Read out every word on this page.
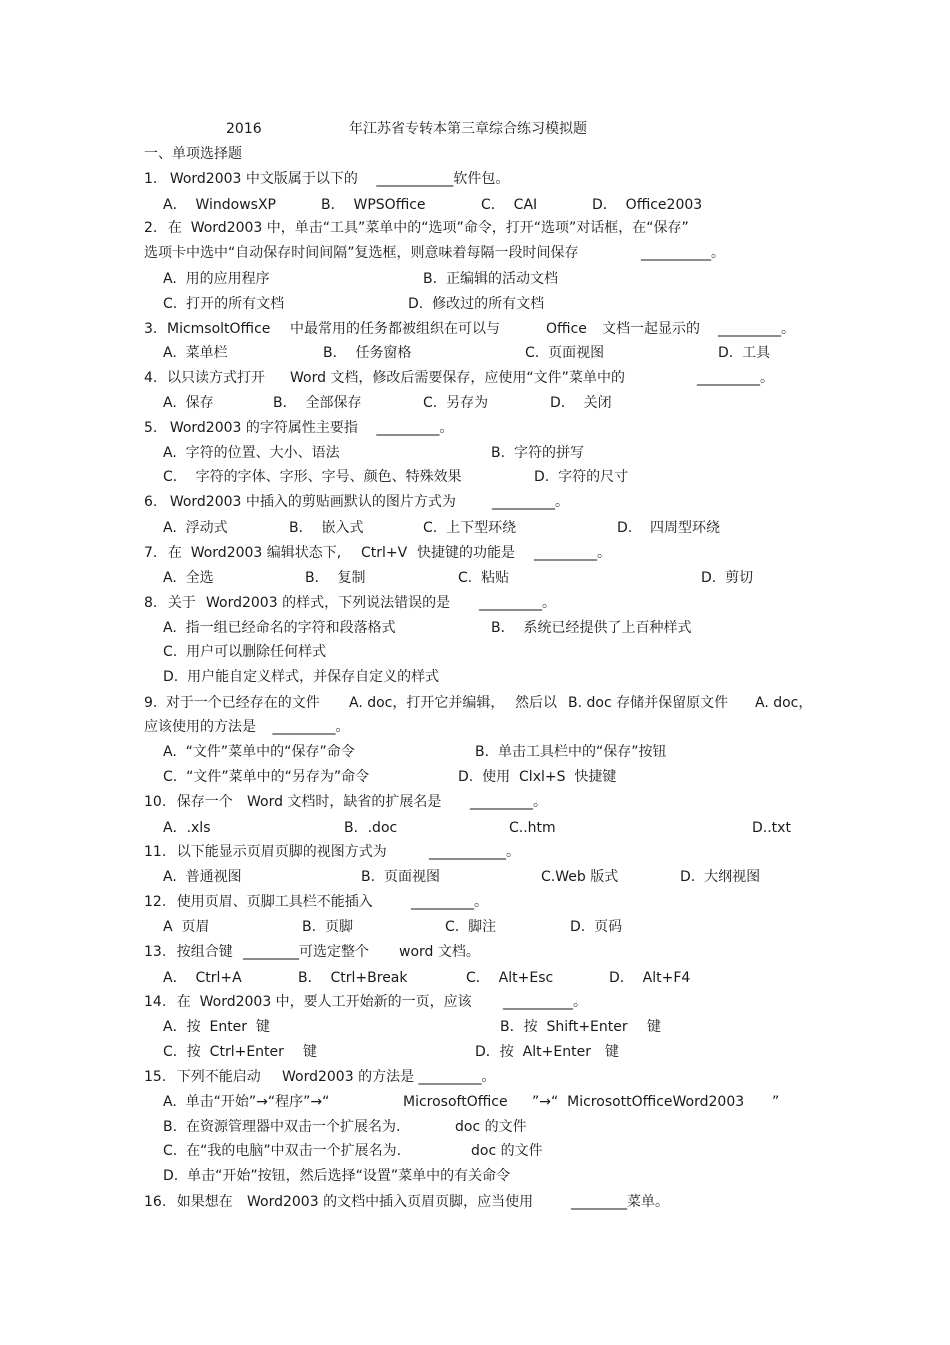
2016	年江苏省专转本第三章综合练习模拟题
一、单项选择题
1. Word2003 中文版属于以下的 ___________软件包。
A．  WindowsXP	B．  WPSOffice	C．  CAI	D．  Office2003
2. 在  Word2003 中，单击“工具”菜单中的“选项”命令，打开“选项”对话框，在“保存”
选项卡中选中“自动保存时间间隔”复选框，则意味着每隔一段时间保存	__________。
A.  用的应用程序	B.  正编辑的活动文档
C.  打开的所有文档	D.  修改过的所有文档
3. MicmsoltOffice 中最常用的任务都被组织在可以与	Office 文档一起显示的 _________。
A.  菜单栏	B．  任务窗格	C.  页面视图	D.  工具
4. 以只读方式打开 Word 文档，修改后需要保存，应使用“文件”菜单中的	_________。
A.  保存	B．  全部保存	C.  另存为	D．  关闭
5. Word2003 的字符属性主要指 _________。
A.  字符的位置、大小、语法	B.  字符的拼写
C．  字符的字体、字形、字号、颜色、特殊效果	D.  字符的尺寸
6. Word2003 中插入的剪贴画默认的图片方式为	_________。
A.  浮动式	B．  嵌入式	C.  上下型环绕	D.    四周型环绕
7. 在  Word2003 编辑状态下, Ctrl+V 快捷键的功能是 _________。
A.  全选	B．  复制	C.  粘贴	D.  剪切
8. 关于 Word2003 的样式，下列说法错误的是 _________。
A.  指一组已经命名的字符和段落格式	B．  系统已经提供了上百种样式
C.  用户可以删除任何样式
D.  用户能自定义样式，并保存自定义的样式
9. 对于一个已经存在的文件 A. doc，打开它并编辑， 然后以 B. doc 存储并保留原文件 A. doc，
应该使用的方法是 _________。
A.  “文件”菜单中的“保存”命令	B.  单击工具栏中的“保存”按钮
C.  “文件”菜单中的“另存为”命令	D.  使用  Clxl+S  快捷键
10. 保存一个 Word 文档时，缺省的扩展名是 _________。
A．.xls	B．.doc	C..htm	D..txt
11. 以下能显示页眉页脚的视图方式为	___________。
A.  普通视图	B.  页面视图	C.Web 版式	D.  大纲视图
12. 使用页眉、页脚工具栏不能插入	_________。
A  页眉	B.  页脚	C.  脚注	D.  页码
13. 按组合键 ________可选定整个 word 文档。
A．  Ctrl+A	B．  Ctrl+Break	C．  Alt+Esc	D．  Alt+F4
14. 在  Word2003 中，要人工开始新的一页，应该 __________。
A．按  Enter  键	B．按  Shift+Enter 键
C．按  Ctrl+Enter 键	D．按  Alt+Enter 键
15. 下列不能启动 Word2003 的方法是 _________。
A.  单击“开始”→“程序”→“	MicrosoftOffice ”→“  MicrosottOfficeWord2003 ”
B.  在资源管理器中双击一个扩展名为.	doc 的文件
C.  在“我的电脑”中双击一个扩展名为.	doc 的文件
D.  单击“开始”按钮，然后选择“设置”菜单中的有关命令
16. 如果想在 Word2003 的文档中插入页眉页脚，应当使用	________菜单。
